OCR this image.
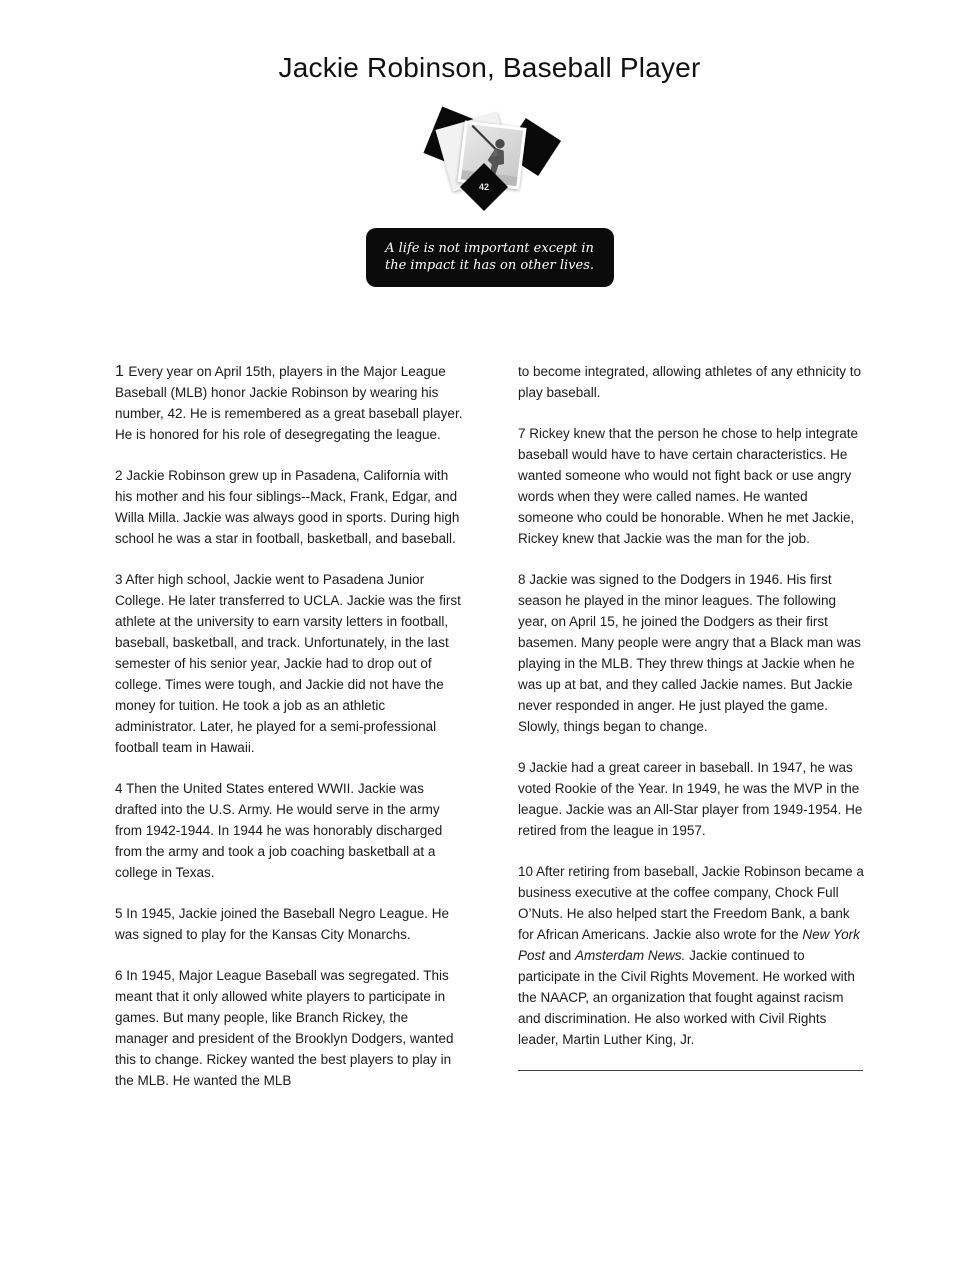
Jackie Robinson, Baseball Player
42
A life is not important except in
the impact it has on other lives.

1 Every year on April 15th, players in the Major League Baseball (MLB) honor Jackie Robinson by wearing his number, 42. He is remembered as a great baseball player. He is honored for his role of desegregating the league.

2 Jackie Robinson grew up in Pasadena, California with his mother and his four siblings--Mack, Frank, Edgar, and Willa Milla. Jackie was always good in sports. During high school he was a star in football, basketball, and baseball.

3 After high school, Jackie went to Pasadena Junior College. He later transferred to UCLA. Jackie was the first athlete at the university to earn varsity letters in football, baseball, basketball, and track. Unfortunately, in the last semester of his senior year, Jackie had to drop out of college. Times were tough, and Jackie did not have the money for tuition. He took a job as an athletic administrator. Later, he played for a semi-professional football team in Hawaii.

4 Then the United States entered WWII. Jackie was drafted into the U.S. Army. He would serve in the army from 1942-1944. In 1944 he was honorably discharged from the army and took a job coaching basketball at a college in Texas.

5 In 1945, Jackie joined the Baseball Negro League. He was signed to play for the Kansas City Monarchs.

6 In 1945, Major League Baseball was segregated. This meant that it only allowed white players to participate in games. But many people, like Branch Rickey, the manager and president of the Brooklyn Dodgers, wanted this to change. Rickey wanted the best players to play in the MLB. He wanted the MLB

to become integrated, allowing athletes of any ethnicity to play baseball.

7 Rickey knew that the person he chose to help integrate baseball would have to have certain characteristics. He wanted someone who would not fight back or use angry words when they were called names. He wanted someone who could be honorable. When he met Jackie, Rickey knew that Jackie was the man for the job.

8 Jackie was signed to the Dodgers in 1946. His first season he played in the minor leagues. The following year, on April 15, he joined the Dodgers as their first basemen. Many people were angry that a Black man was playing in the MLB. They threw things at Jackie when he was up at bat, and they called Jackie names. But Jackie never responded in anger. He just played the game. Slowly, things began to change.

9 Jackie had a great career in baseball. In 1947, he was voted Rookie of the Year. In 1949, he was the MVP in the league. Jackie was an All-Star player from 1949-1954. He retired from the league in 1957.

10 After retiring from baseball, Jackie Robinson became a business executive at the coffee company, Chock Full O’Nuts. He also helped start the Freedom Bank, a bank for African Americans. Jackie also wrote for the New York Post and Amsterdam News. Jackie continued to participate in the Civil Rights Movement. He worked with the NAACP, an organization that fought against racism and discrimination. He also worked with Civil Rights leader, Martin Luther King, Jr.
